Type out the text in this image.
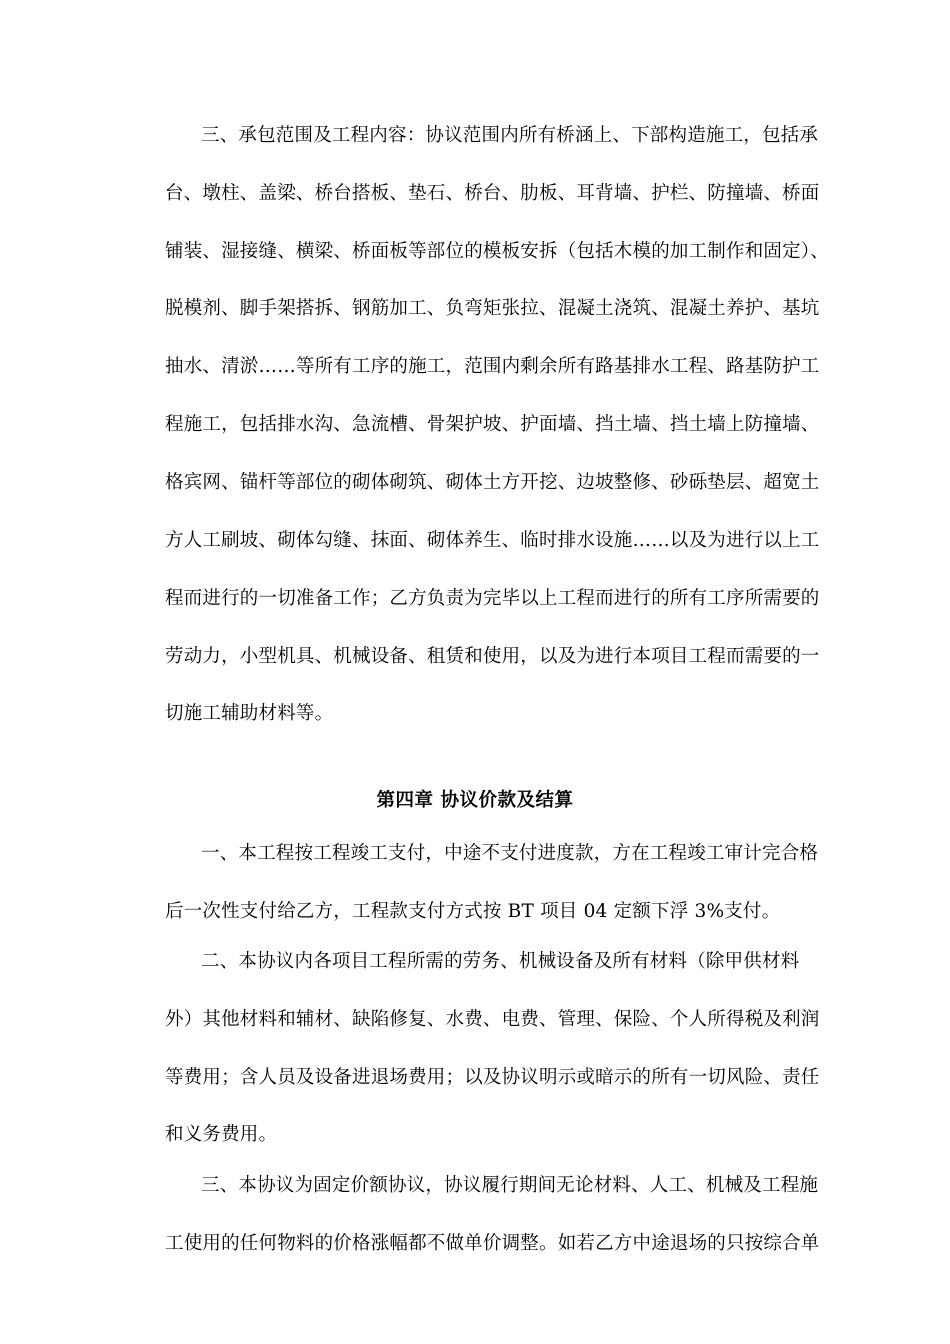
三、承包范围及工程内容：协议范围内所有桥涵上、下部构造施工，包括承
台、墩柱、盖梁、桥台搭板、垫石、桥台、肋板、耳背墙、护栏、防撞墙、桥面
铺装、湿接缝、横梁、桥面板等部位的模板安拆（包括木模的加工制作和固定）、
脱模剂、脚手架搭拆、钢筋加工、负弯矩张拉、混凝土浇筑、混凝土养护、基坑
抽水、清淤……等所有工序的施工，范围内剩余所有路基排水工程、路基防护工
程施工，包括排水沟、急流槽、骨架护坡、护面墙、挡土墙、挡土墙上防撞墙、
格宾网、锚杆等部位的砌体砌筑、砌体土方开挖、边坡整修、砂砾垫层、超宽土
方人工刷坡、砌体勾缝、抹面、砌体养生、临时排水设施……以及为进行以上工
程而进行的一切准备工作；乙方负责为完毕以上工程而进行的所有工序所需要的
劳动力，小型机具、机械设备、租赁和使用，以及为进行本项目工程而需要的一
切施工辅助材料等。
第四章 协议价款及结算
一、本工程按工程竣工支付，中途不支付进度款，方在工程竣工审计完合格
后一次性支付给乙方，工程款支付方式按 BT 项目 04 定额下浮 3%支付。
二、本协议内各项目工程所需的劳务、机械设备及所有材料（除甲供材料
外）其他材料和辅材、缺陷修复、水费、电费、管理、保险、个人所得税及利润
等费用；含人员及设备进退场费用；以及协议明示或暗示的所有一切风险、责任
和义务费用。
三、本协议为固定价额协议，协议履行期间无论材料、人工、机械及工程施
工使用的任何物料的价格涨幅都不做单价调整。如若乙方中途退场的只按综合单
